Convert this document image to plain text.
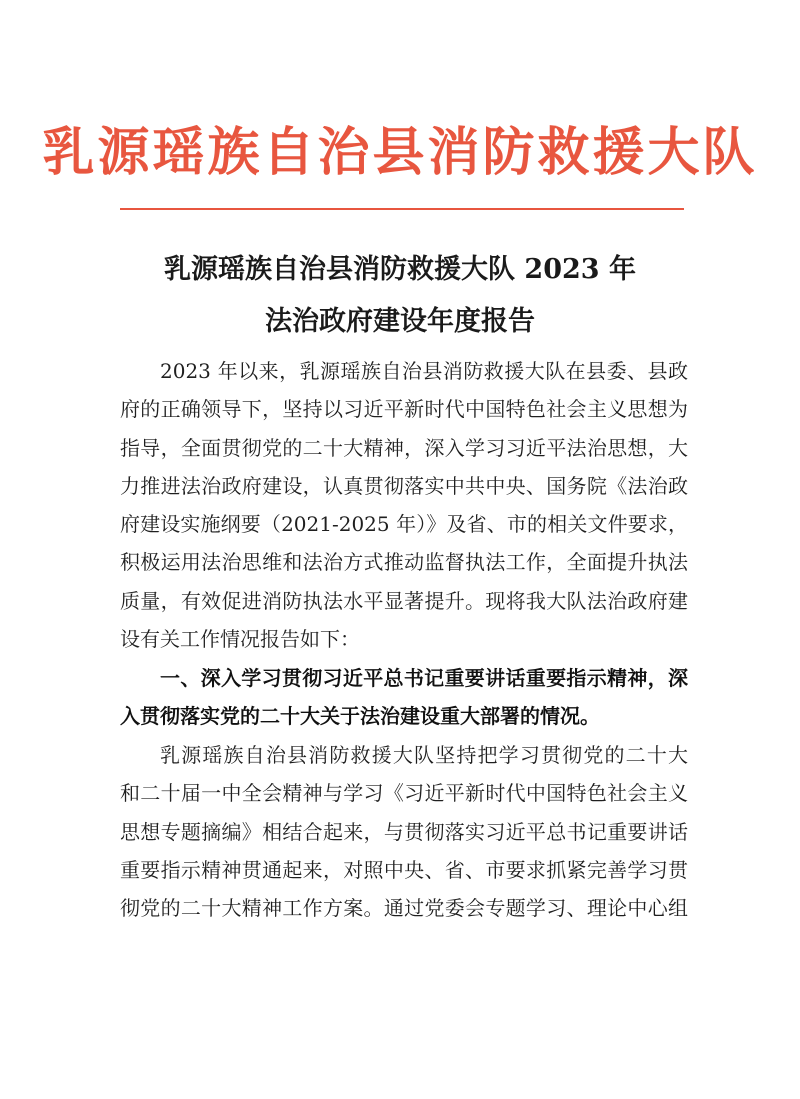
乳源瑶族自治县消防救援大队
乳源瑶族自治县消防救援大队 2023 年
法治政府建设年度报告
2023 年以来，乳源瑶族自治县消防救援大队在县委、县政
府的正确领导下，坚持以习近平新时代中国特色社会主义思想为
指导，全面贯彻党的二十大精神，深入学习习近平法治思想，大
力推进法治政府建设，认真贯彻落实中共中央、国务院《法治政
府建设实施纲要（2021-2025 年）》及省、市的相关文件要求，
积极运用法治思维和法治方式推动监督执法工作，全面提升执法
质量，有效促进消防执法水平显著提升。现将我大队法治政府建
设有关工作情况报告如下：
一、深入学习贯彻习近平总书记重要讲话重要指示精神，深
入贯彻落实党的二十大关于法治建设重大部署的情况。
乳源瑶族自治县消防救援大队坚持把学习贯彻党的二十大
和二十届一中全会精神与学习《习近平新时代中国特色社会主义
思想专题摘编》相结合起来，与贯彻落实习近平总书记重要讲话
重要指示精神贯通起来，对照中央、省、市要求抓紧完善学习贯
彻党的二十大精神工作方案。通过党委会专题学习、理论中心组
